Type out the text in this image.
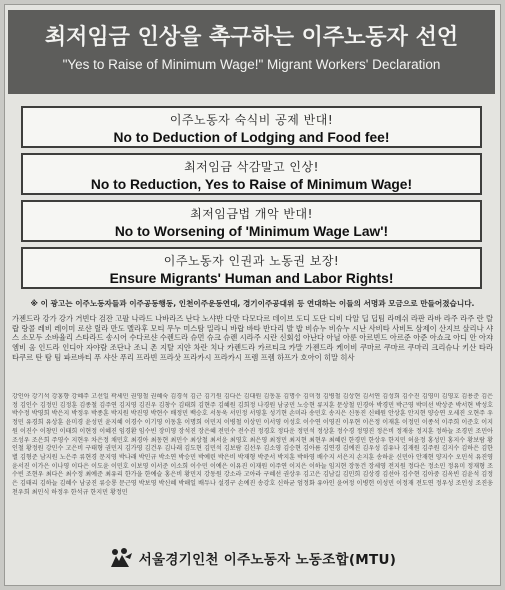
최저임금 인상을 촉구하는 이주노동자 선언
"Yes to Raise of Minimum Wage!" Migrant Workers' Declaration
이주노동자 숙식비 공제 반대!
No to Deduction of Lodging and Food fee!
최저임금 삭감말고 인상!
No to Reduction, Yes to Raise of Minimum Wage!
최저임금법 개악 반대!
No to Worsening of 'Minimum Wage Law'!
이주노동자 인권과 노동권 보장!
Ensure Migrants' Human and Labor Rights!
※ 이 광고는 이주노동자들과 이주공동행동, 인천이주운동연대, 경기이주공대위 등 연대하는 이들의 서명과 모금으로 만들어졌습니다.
가젠드라 강가 강가 거빈다 검잔 고팔 나라드 나바라즈 난다 노샤반 다만 다모다르 데이브 도디 도단 디비 다알 딥 딥팀 라메쉬 라판 라바 라주 라주 란 랄 랍 랑콜 레비 레이미 로샨 릴라 만도 멜라후 모티 무누 미스탐 밀라니 바랍 바타 반다리 발 밥 비슈누 비슈누 시난 사비타 사비트 삼제이 산지브 살리나 샤스 소모두 소바율리 스타라드 송시어 수다르샨 수렌드라 슈먼 슈크 슈렌 시라주 시란 신회섭 아난다 아닐 아룬 아르빈드 아르준 아준 아쇼크 아디 안 아쟈 엠비 옴 인드라 인디아 자야람 조단나 조니 촌 지탈 지얀 차란 치나 카렌드라 카르티크 카말 가젠드라 케이비 쿠마르 쿠마르 쿠마리 크리슈나 키산 타라 타쿠르 탄 탐 팀 파르바티 푸 샤산 푸리 프라빈 프라삿 프라카시 프라카시 프렘 프렘 하프가 호아이 히말 히사
강인아 강기석 강홍향 강혜주 고선일 곽세민 권영철 권혜숙 김경석 김근 김기원 김다은 김대원 김동훈 김명수 김미정 김병철 김상현 김서연 김성희 김수진 김영미 김영호 김용준 김은정 김인수 김정민 김정훈 김종철 김주연 김지영 김진우 김창수 김태희 김현주 김혜원 김희정 나경원 남궁민 노승현 류지훈 문상철 민경아 박경민 박근영 박미선 박상준 박서현 박성호 박수정 박영희 박은지 박정우 박종훈 박지원 박진영 박현수 배정민 백승호 서동욱 서민정 서영훈 성기현 손미라 송민호 송지은 신동진 신혜원 안상훈 안지현 양승연 오세진 오현주 우정민 유경희 유상훈 윤미경 윤성민 윤지혜 이경수 이기영 이동훈 이명희 이민지 이병철 이상민 이서영 이성호 이수연 이영진 이우현 이은정 이재훈 이정민 이종석 이주희 이준호 이지원 이진수 이창민 이태희 이현정 이혜진 임경환 임수빈 장미영 장석진 장은혜 전민수 전수진 정경호 정다운 정민석 정상훈 정수경 정영진 정은비 정재웅 정지훈 정하늘 조경민 조민아 조성우 조은희 주영수 지현우 차은정 채민호 최경아 최동현 최민수 최상철 최서윤 최영호 최은영 최정민 최지현 최현우 최혜린 한경민 한상우 한지민 허윤정 홍성민 홍지수 황보람 황인철 황정원 강민수 고은비 구태형 권민지 김가영 김건우 김나래 김도현 김민석 김보람 김선우 김소영 김승현 김아름 김연경 김예진 김우성 김유나 김재원 김주원 김지수 김하은 김한별 김형준 남지원 노은주 류현경 문지영 박나래 박민규 박소연 박승민 박예린 박은비 박재형 박준서 박지훈 박하영 배수지 서은지 손지훈 송하윤 신민아 안재현 양지수 오민석 유진영 윤서진 이가은 이나영 이다은 이도윤 이민호 이보영 이서준 이소희 이수민 이예은 이유진 이재원 이주연 이지은 이하늘 임지현 장동건 장세영 전지원 정다은 정소민 정유미 정재형 조수빈 조현우 최다은 최수정 최예준 최유리 한가을 한예슬 홍은비 황민지 강동원 강소라 고아라 구혜선 권상우 김고은 김남길 김민희 김상경 김선아 김수현 김아중 김옥빈 김윤석 김정은 김태리 김하늘 김혜수 남궁진 류승룡 문근영 박보영 박신혜 박해일 배두나 설경구 손예진 송강호 신하균 엄정화 유아인 윤여정 이병헌 이성민 이정재 전도연 정우성 조인성 조진웅 천우희 최민식 하정우 한석규 한지민 황정민
서울경기인천 이주노동자 노동조합(MTU)
